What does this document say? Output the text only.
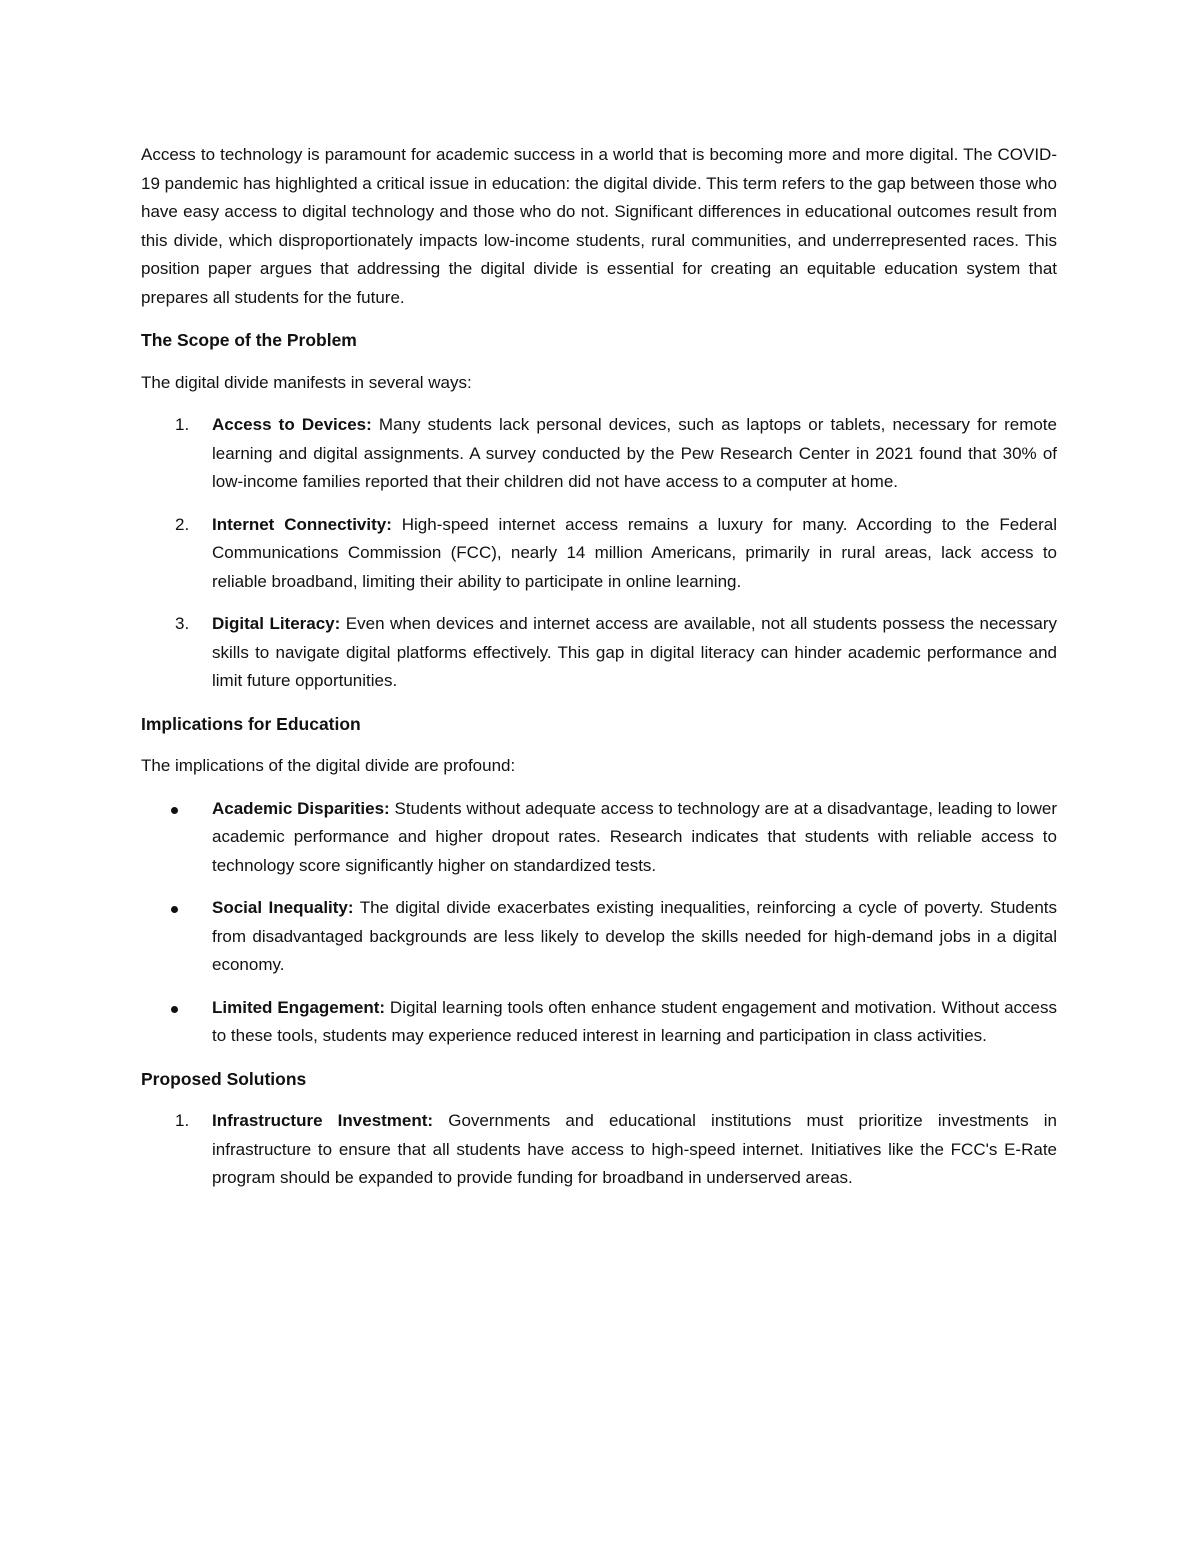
Access to technology is paramount for academic success in a world that is becoming more and more digital. The COVID-19 pandemic has highlighted a critical issue in education: the digital divide. This term refers to the gap between those who have easy access to digital technology and those who do not. Significant differences in educational outcomes result from this divide, which disproportionately impacts low-income students, rural communities, and underrepresented races. This position paper argues that addressing the digital divide is essential for creating an equitable education system that prepares all students for the future.

The Scope of the Problem

The digital divide manifests in several ways:

1.	Access to Devices: Many students lack personal devices, such as laptops or tablets, necessary for remote learning and digital assignments. A survey conducted by the Pew Research Center in 2021 found that 30% of low-income families reported that their children did not have access to a computer at home.
2.	Internet Connectivity: High-speed internet access remains a luxury for many. According to the Federal Communications Commission (FCC), nearly 14 million Americans, primarily in rural areas, lack access to reliable broadband, limiting their ability to participate in online learning.
3.	Digital Literacy: Even when devices and internet access are available, not all students possess the necessary skills to navigate digital platforms effectively. This gap in digital literacy can hinder academic performance and limit future opportunities.
Implications for Education

The implications of the digital divide are profound:

Academic Disparities: Students without adequate access to technology are at a disadvantage, leading to lower academic performance and higher dropout rates. Research indicates that students with reliable access to technology score significantly higher on standardized tests.
Social Inequality: The digital divide exacerbates existing inequalities, reinforcing a cycle of poverty. Students from disadvantaged backgrounds are less likely to develop the skills needed for high-demand jobs in a digital economy.
Limited Engagement: Digital learning tools often enhance student engagement and motivation. Without access to these tools, students may experience reduced interest in learning and participation in class activities.
Proposed Solutions
1.	Infrastructure Investment: Governments and educational institutions must prioritize investments in infrastructure to ensure that all students have access to high-speed internet. Initiatives like the FCC's E-Rate program should be expanded to provide funding for broadband in underserved areas.
